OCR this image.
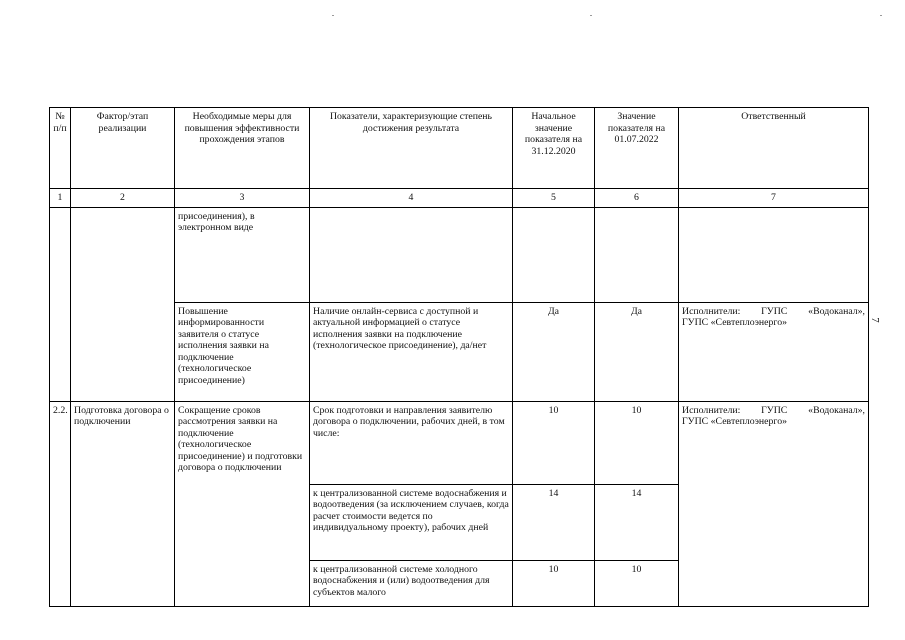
7
№ п/п	Фактор/этап реализации	Необходимые меры для повышения эффективности прохождения этапов	Показатели, характеризующие степень достижения результата	Начальное значение показателя на 31.12.2020	Значение показателя на 01.07.2022	Ответственный
1	2	3	4	5	6	7
		присоединения), в электронном виде				
		Повышение информированности заявителя о статусе исполнения заявки на подключение (технологическое присоединение)	Наличие онлайн-сервиса с доступной и актуальной информацией о статусе исполнения заявки на подключение (технологическое присоединение), да/нет	Да	Да	Исполнители: ГУПС «Водоканал»,
ГУПС «Севтеплоэнерго»

2.2.	Подготовка договора о подключении	Сокращение сроков рассмотрения заявки на подключение (технологическое присоединение) и подготовки договора о подключении	Срок подготовки и направления заявителю договора о подключении, рабочих дней, в том числе:	10	10	Исполнители: ГУПС «Водоканал»,
ГУПС «Севтеплоэнерго»

			к централизованной системе водоснабжения и водоотведения (за исключением случаев, когда расчет стоимости ведется по индивидуальному проекту), рабочих дней	14	14	
			к централизованной системе холодного водоснабжения и (или) водоотведения для субъектов малого	10	10	
